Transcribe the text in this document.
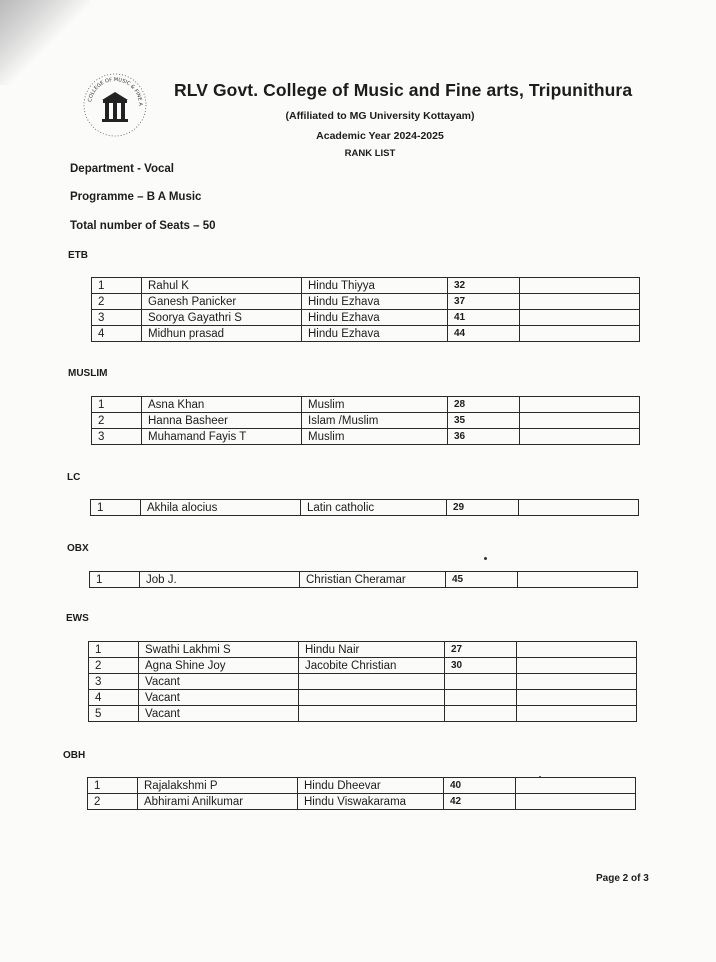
COLLEGE OF MUSIC & FINE A
RLV Govt. College of Music and Fine arts, Tripunithura
(Affiliated to MG University Kottayam)
Academic Year 2024-2025
RANK LIST
Department - Vocal
Programme – B A Music
Total number of Seats – 50
ETB
1	Rahul K	Hindu Thiyya	32	
2	Ganesh Panicker	Hindu Ezhava	37	
3	Soorya Gayathri S	Hindu Ezhava	41	
4	Midhun prasad	Hindu Ezhava	44	
MUSLIM
1	Asna Khan	Muslim	28	
2	Hanna Basheer	Islam /Muslim	35	
3	Muhamand Fayis T	Muslim	36	
LC
1	Akhila alocius	Latin catholic	29	
OBX
1	Job J.	Christian Cheramar	45	
EWS
1	Swathi Lakhmi S	Hindu Nair	27	
2	Agna Shine Joy	Jacobite Christian	30	
3	Vacant			
4	Vacant			
5	Vacant			
OBH
1	Rajalakshmi P	Hindu Dheevar	40	
2	Abhirami Anilkumar	Hindu Viswakarama	42	
Page 2 of 3
